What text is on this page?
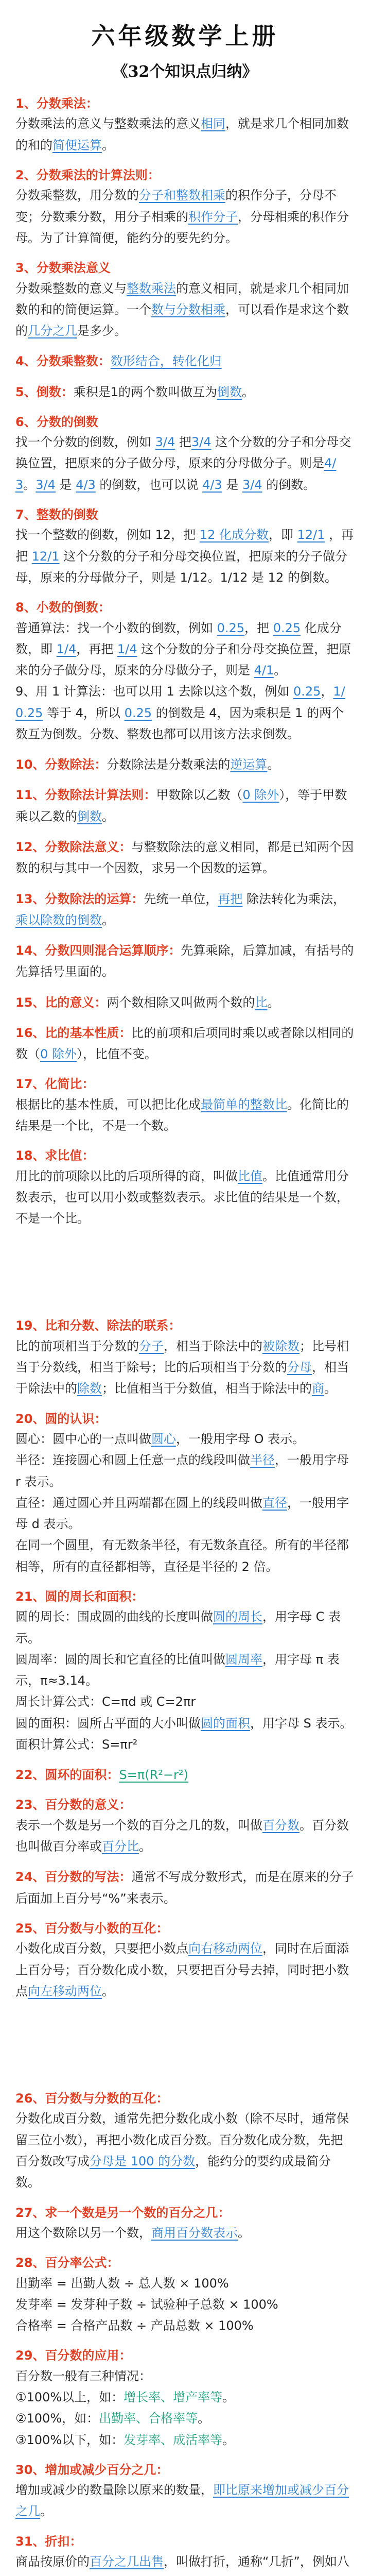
六年级数学上册
《32个知识点归纳》
1、分数乘法：

分数乘法的意义与整数乘法的意义相同，就是求几个相同加数的和的简便运算。

2、分数乘法的计算法则：

分数乘整数，用分数的分子和整数相乘的积作分子，分母不变；分数乘分数，用分子相乘的积作分子，分母相乘的积作分母。为了计算简便，能约分的要先约分。

3、分数乘法意义

分数乘整数的意义与整数乘法的意义相同，就是求几个相同加数的和的简便运算。一个数与分数相乘，可以看作是求这个数的几分之几是多少。

4、分数乘整数：数形结合，转化化归

5、倒数：乘积是1的两个数叫做互为倒数。

6、分数的倒数

找一个分数的倒数，例如 3/4 把3/4 这个分数的分子和分母交换位置，把原来的分子做分母，原来的分母做分子。则是4/3。3/4 是 4/3 的倒数，也可以说 4/3 是 3/4 的倒数。

7、整数的倒数

找一个整数的倒数，例如 12，把 12 化成分数，即 12/1 ，再把 12/1 这个分数的分子和分母交换位置，把原来的分子做分母，原来的分母做分子，则是 1/12。1/12 是 12 的倒数。

8、小数的倒数：

普通算法：找一个小数的倒数，例如 0.25，把 0.25 化成分数，即 1/4，再把 1/4 这个分数的分子和分母交换位置，把原来的分子做分母，原来的分母做分子，则是 4/1。

9、用 1 计算法：也可以用 1 去除以这个数，例如 0.25，1/0.25 等于 4，所以 0.25 的倒数是 4，因为乘积是 1 的两个数互为倒数。分数、整数也都可以用该方法求倒数。

10、分数除法：分数除法是分数乘法的逆运算。

11、分数除法计算法则：甲数除以乙数（0 除外），等于甲数乘以乙数的倒数。

12、分数除法意义：与整数除法的意义相同，都是已知两个因数的积与其中一个因数，求另一个因数的运算。

13、分数除法的运算：先统一单位，再把 除法转化为乘法，乘以除数的倒数。

14、分数四则混合运算顺序：先算乘除，后算加减，有括号的先算括号里面的。

15、比的意义：两个数相除又叫做两个数的比。

16、比的基本性质：比的前项和后项同时乘以或者除以相同的数（0 除外），比值不变。

17、化简比：

根据比的基本性质，可以把比化成最简单的整数比。化简比的结果是一个比，不是一个数。

18、求比值：

用比的前项除以比的后项所得的商，叫做比值。比值通常用分数表示，也可以用小数或整数表示。求比值的结果是一个数，不是一个比。

19、比和分数、除法的联系：

比的前项相当于分数的分子，相当于除法中的被除数；比号相当于分数线，相当于除号；比的后项相当于分数的分母，相当于除法中的除数；比值相当于分数值，相当于除法中的商。

20、圆的认识：

圆心：圆中心的一点叫做圆心，一般用字母 O 表示。

半径：连接圆心和圆上任意一点的线段叫做半径，一般用字母 r 表示。

直径：通过圆心并且两端都在圆上的线段叫做直径，一般用字母 d 表示。

在同一个圆里，有无数条半径，有无数条直径。所有的半径都相等，所有的直径都相等，直径是半径的 2 倍。

21、圆的周长和面积：

圆的周长：围成圆的曲线的长度叫做圆的周长，用字母 C 表示。

圆周率：圆的周长和它直径的比值叫做圆周率，用字母 π 表示，π≈3.14。

周长计算公式：C=πd 或 C=2πr

圆的面积：圆所占平面的大小叫做圆的面积，用字母 S 表示。

面积计算公式：S=πr²

22、圆环的面积：S=π(R²−r²)

23、百分数的意义：

表示一个数是另一个数的百分之几的数，叫做百分数。百分数也叫做百分率或百分比。

24、百分数的写法：通常不写成分数形式，而是在原来的分子后面加上百分号“%”来表示。

25、百分数与小数的互化：

小数化成百分数，只要把小数点向右移动两位，同时在后面添上百分号；百分数化成小数，只要把百分号去掉，同时把小数点向左移动两位。

26、百分数与分数的互化：

分数化成百分数，通常先把分数化成小数（除不尽时，通常保留三位小数），再把小数化成百分数。百分数化成分数，先把百分数改写成分母是 100 的分数，能约分的要约成最简分数。

27、求一个数是另一个数的百分之几：

用这个数除以另一个数，商用百分数表示。

28、百分率公式：

出勤率 = 出勤人数 ÷ 总人数 × 100%

发芽率 = 发芽种子数 ÷ 试验种子总数 × 100%

合格率 = 合格产品数 ÷ 产品总数 × 100%

29、百分数的应用：

百分数一般有三种情况：

①100%以上，如：增长率、增产率等。

②100%，如：出勤率、合格率等。

③100%以下，如：发芽率、成活率等。

30、增加或减少百分之几：

增加或减少的数量除以原来的数量，即比原来增加或减少百分之几。

31、折扣：

商品按原价的百分之几出售，叫做打折，通称“几折”，例如八
